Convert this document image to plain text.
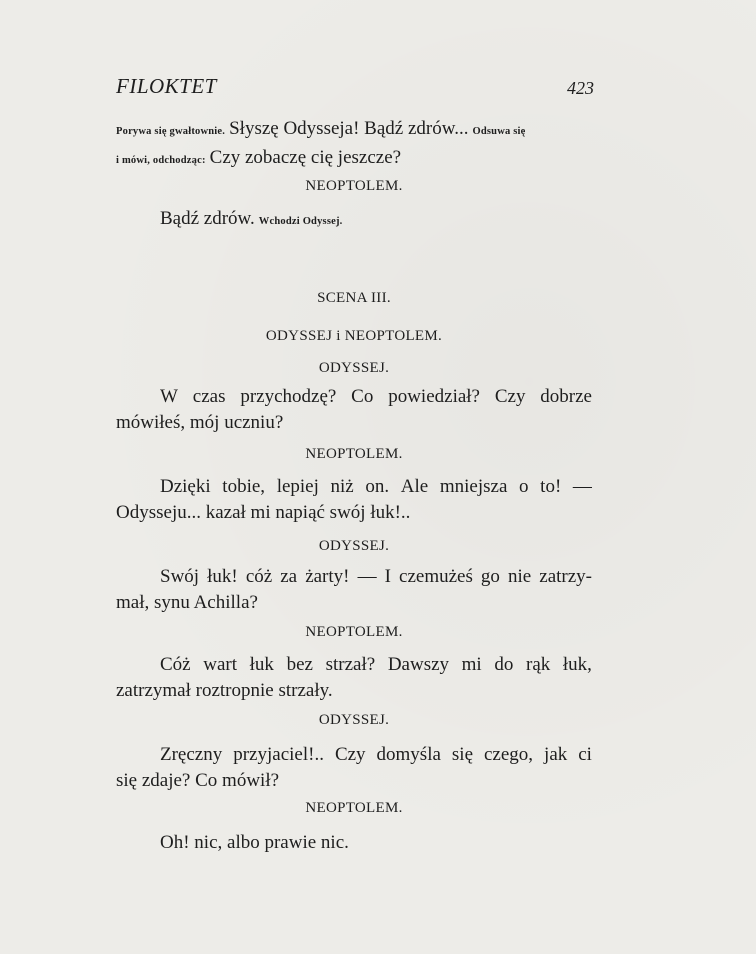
FILOKTET	423
Porywa się gwałtownie. Słyszę Odysseja! Bądź zdrów... Odsuwa się
i mówi, odchodząc: Czy zobaczę cię jeszcze?
NEOPTOLEM.
Bądź zdrów. Wchodzi Odyssej.
SCENA III.
ODYSSEJ i NEOPTOLEM.
ODYSSEJ.
W czas przychodzę? Co powiedział? Czy dobrze
mówiłeś, mój uczniu?
NEOPTOLEM.
Dzięki tobie, lepiej niż on. Ale mniejsza o to! —
Odysseju... kazał mi napiąć swój łuk!..
ODYSSEJ.
Swój łuk! cóż za żarty! — I czemużeś go nie zatrzy-
mał, synu Achilla?
NEOPTOLEM.
Cóż wart łuk bez strzał? Dawszy mi do rąk łuk,
zatrzymał roztropnie strzały.
ODYSSEJ.
Zręczny przyjaciel!.. Czy domyśla się czego, jak ci
się zdaje? Co mówił?
NEOPTOLEM.
Oh! nic, albo prawie nic.
